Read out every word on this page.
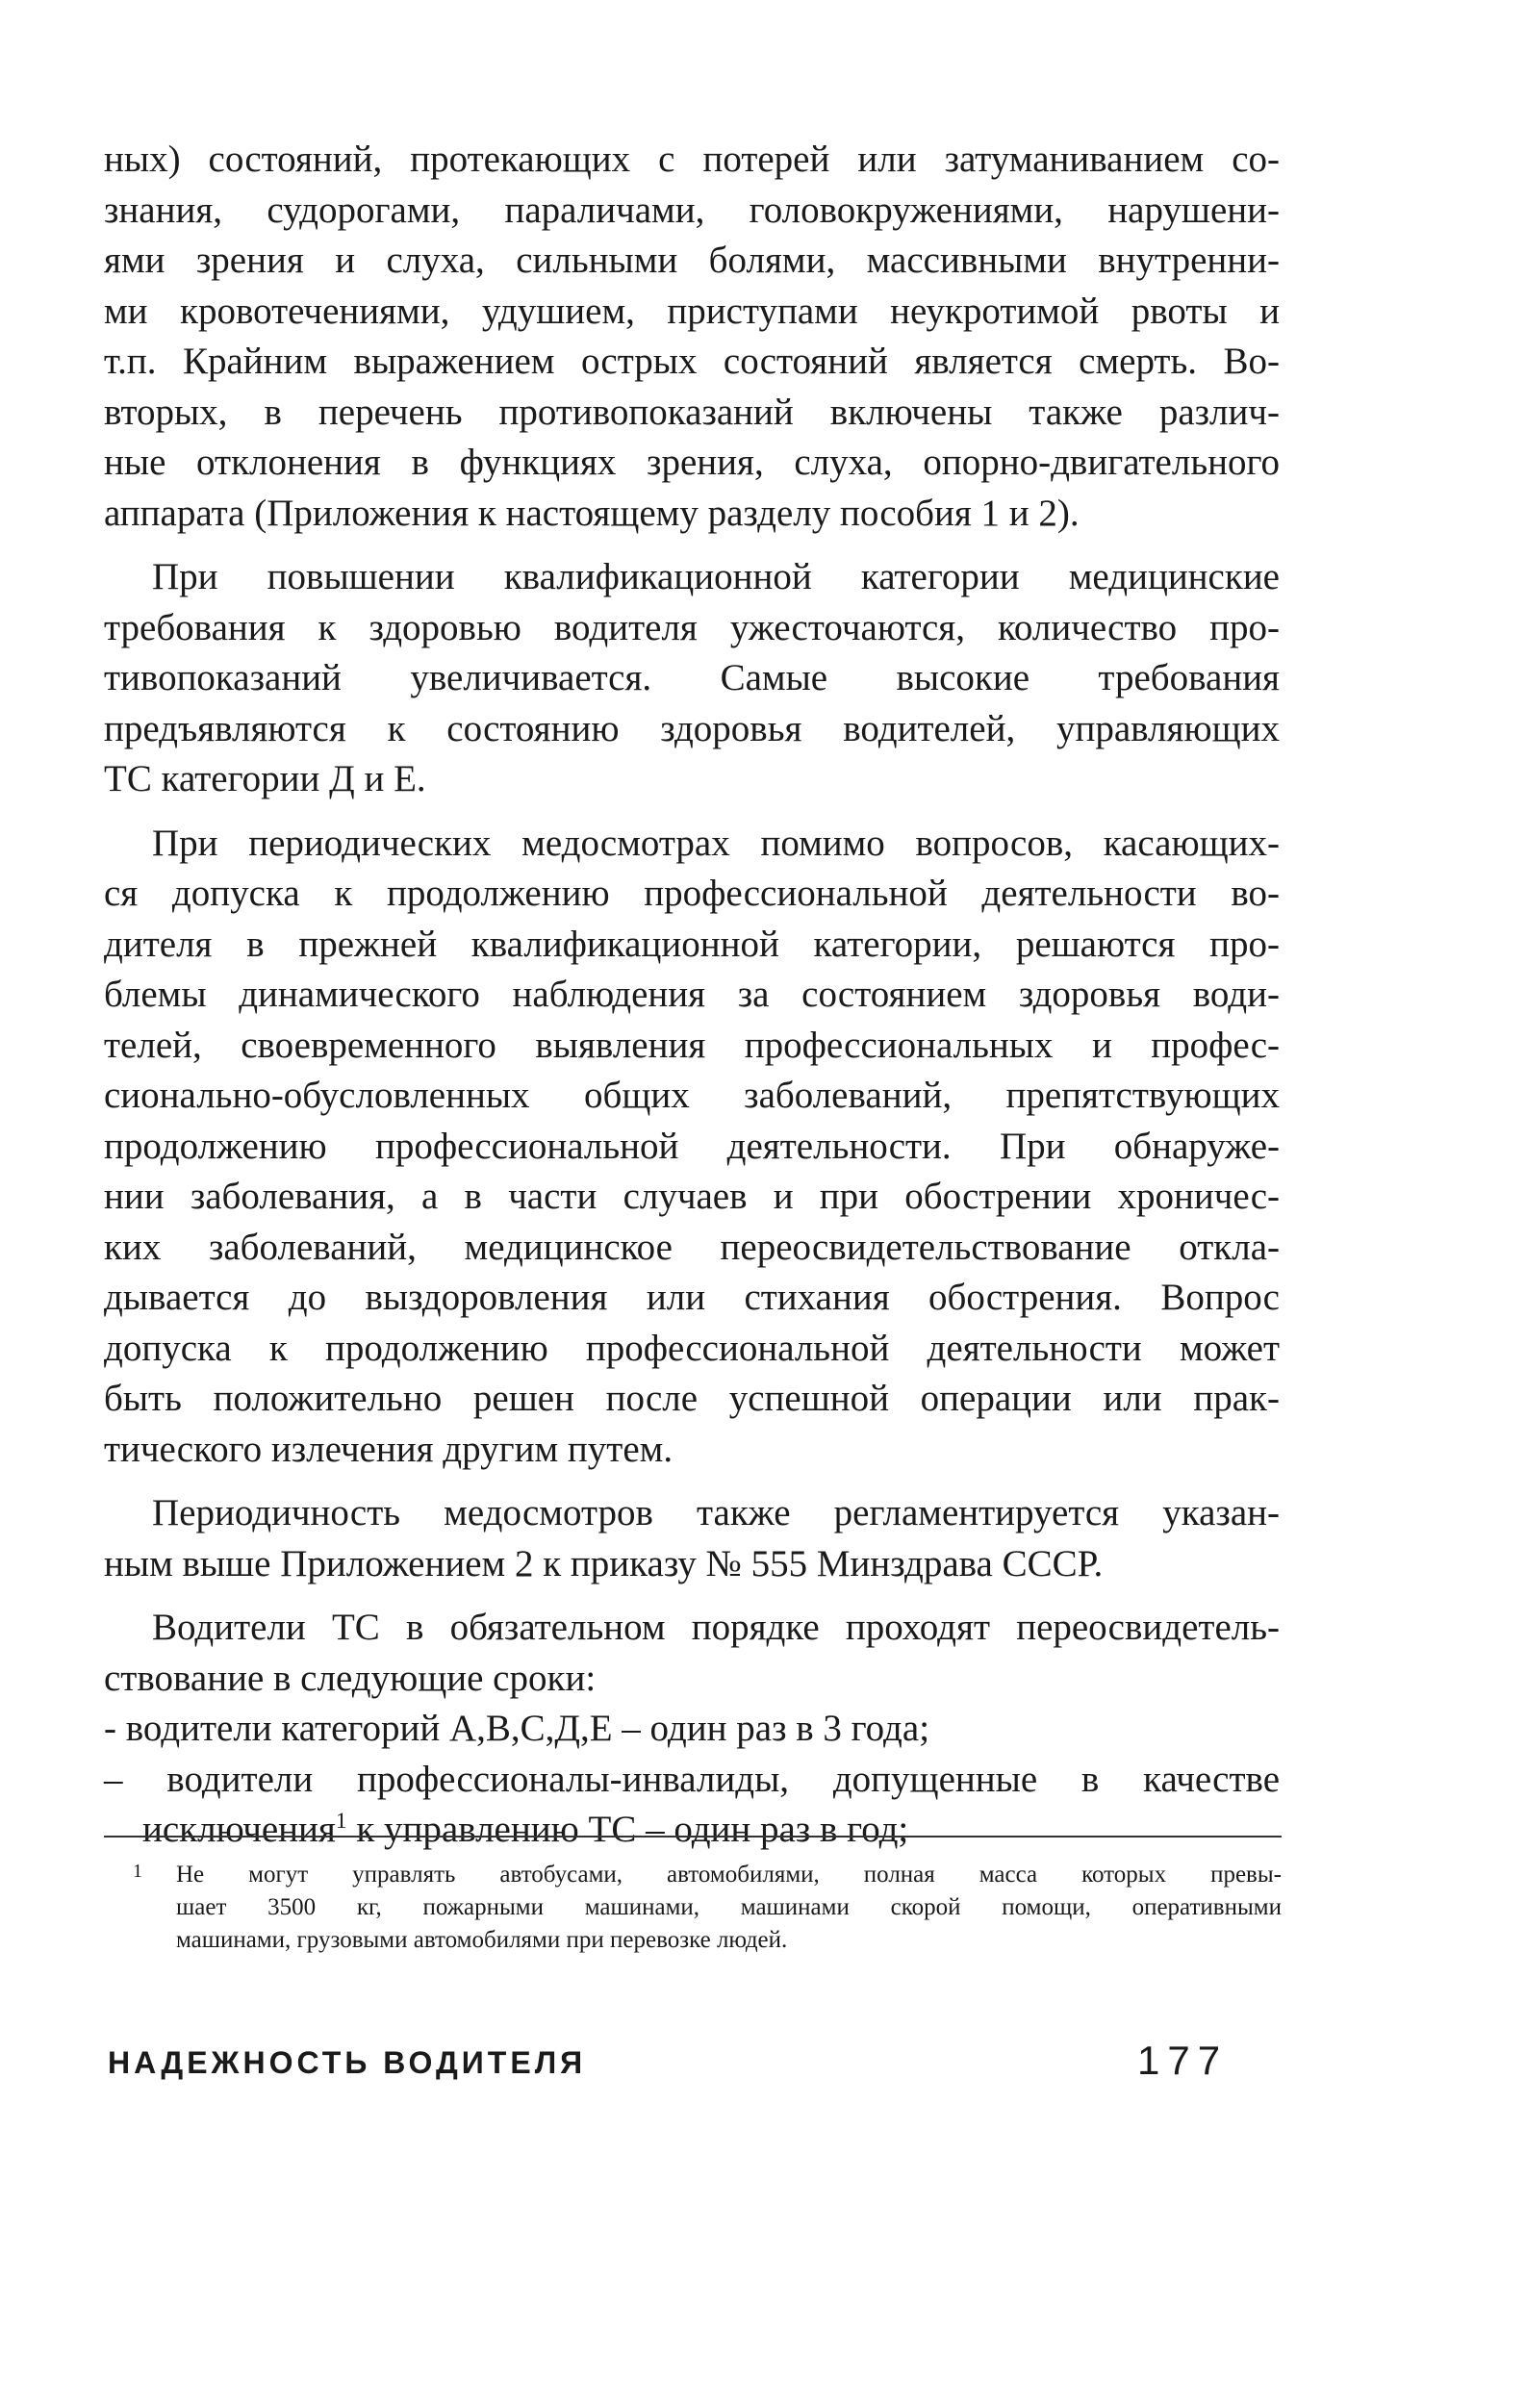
ных) состояний, протекающих с потерей или затуманиванием со-
знания, судорогами, параличами, головокружениями, нарушени-
ями зрения и слуха, сильными болями, массивными внутренни-
ми кровотечениями, удушием, приступами неукротимой рвоты и
т.п. Крайним выражением острых состояний является смерть. Во-
вторых, в перечень противопоказаний включены также различ-
ные отклонения в функциях зрения, слуха, опорно-двигательного
аппарата (Приложения к настоящему разделу пособия 1 и 2).

При повышении квалификационной категории медицинские
требования к здоровью водителя ужесточаются, количество про-
тивопоказаний увеличивается. Самые высокие требования
предъявляются к состоянию здоровья водителей, управляющих
ТС категории Д и Е.

При периодических медосмотрах помимо вопросов, касающих-
ся допуска к продолжению профессиональной деятельности во-
дителя в прежней квалификационной категории, решаются про-
блемы динамического наблюдения за состоянием здоровья води-
телей, своевременного выявления профессиональных и профес-
сионально-обусловленных общих заболеваний, препятствующих
продолжению профессиональной деятельности. При обнаруже-
нии заболевания, а в части случаев и при обострении хроничес-
ких заболеваний, медицинское переосвидетельствование откла-
дывается до выздоровления или стихания обострения. Вопрос
допуска к продолжению профессиональной деятельности может
быть положительно решен после успешной операции или прак-
тического излечения другим путем.

Периодичность медосмотров также регламентируется указан-
ным выше Приложением 2 к приказу № 555 Минздрава СССР.

Водители ТС в обязательном порядке проходят переосвидетель-
ствование в следующие сроки:

- водители категорий А,В,С,Д,Е – один раз в 3 года;
– водители профессионалы-инвалиды, допущенные в качестве
исключения$^1$ к управлению ТС – один раз в год;
1 Не могут управлять автобусами, автомобилями, полная масса которых превы-
шает 3500 кг, пожарными машинами, машинами скорой помощи, оперативными
машинами, грузовыми автомобилями при перевозке людей.
НАДЕЖНОСТЬ ВОДИТЕЛЯ	177
